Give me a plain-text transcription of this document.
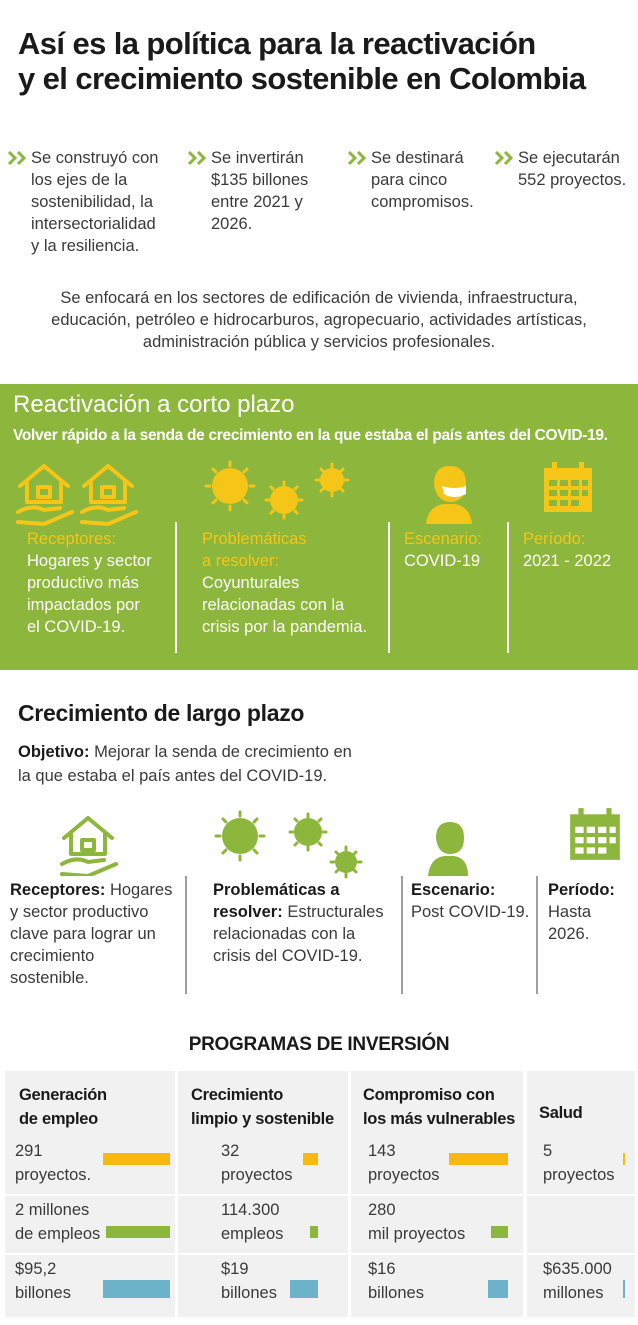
Así es la política para la reactivación
y el crecimiento sostenible en Colombia
Se construyó con
los ejes de la
sostenibilidad, la
intersectorialidad
y la resiliencia.
Se invertirán
$135 billones
entre 2021 y
2026.
Se destinará
para cinco
compromisos.
Se ejecutarán
552 proyectos.
Se enfocará en los sectores de edificación de vivienda, infraestructura,
educación, petróleo e hidrocarburos, agropecuario, actividades artísticas,
administración pública y servicios profesionales.
Reactivación a corto plazo
Volver rápido a la senda de crecimiento en la que estaba el país antes del COVID-19.
Receptores:
Hogares y sector
productivo más
impactados por
el COVID-19.
Problemáticas
a resolver:
Coyunturales
relacionadas con la
crisis por la pandemia.
Escenario:
COVID-19
Período:
2021 - 2022
Crecimiento de largo plazo
Objetivo: Mejorar la senda de crecimiento en
la que estaba el país antes del COVID-19.
Receptores: Hogares
y sector productivo
clave para lograr un
crecimiento
sostenible.
Problemáticas a
resolver: Estructurales
relacionadas con la
crisis del COVID-19.
Escenario:
Post COVID-19.
Período:
Hasta
2026.
PROGRAMAS DE INVERSIÓN
Generación
de empleo
291
proyectos.
2 millones
de empleos
$95,2
billones
Crecimiento
limpio y sostenible
32
proyectos
114.300
empleos
$19
billones
Compromiso con
los más vulnerables
143
proyectos
280
mil proyectos
$16
billones
Salud
5
proyectos
$635.000
millones
